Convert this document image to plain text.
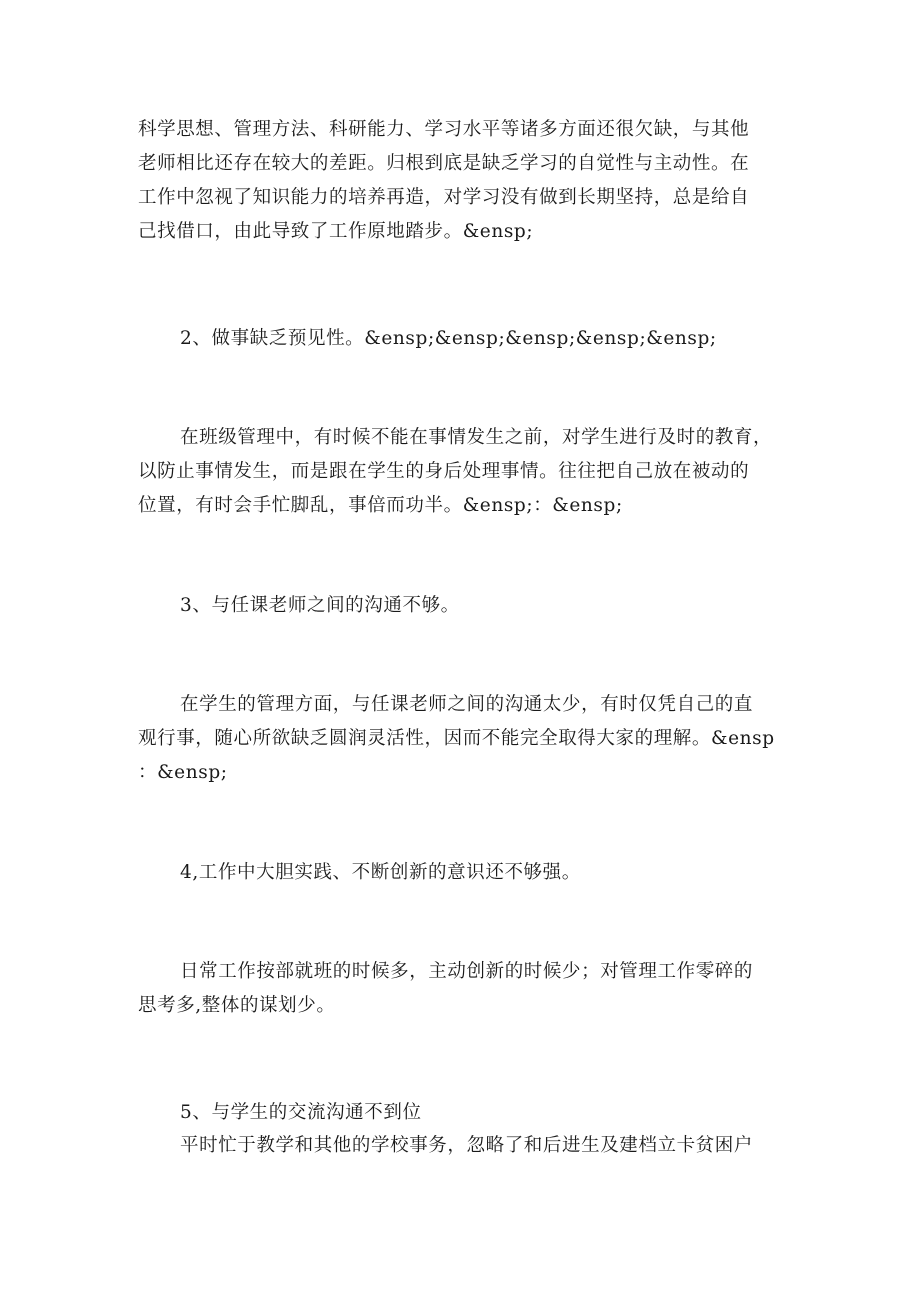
科学思想、管理方法、科研能力、学习水平等诸多方面还很欠缺，与其他
老师相比还存在较大的差距。归根到底是缺乏学习的自觉性与主动性。在
工作中忽视了知识能力的培养再造，对学习没有做到长期坚持，总是给自
己找借口，由此导致了工作原地踏步。&ensp;
2、做事缺乏预见性。&ensp;&ensp;&ensp;&ensp;&ensp;
在班级管理中，有时候不能在事情发生之前，对学生进行及时的教育，
以防止事情发生，而是跟在学生的身后处理事情。往往把自己放在被动的
位置，有时会手忙脚乱，事倍而功半。&ensp;：&ensp;
3、与任课老师之间的沟通不够。
在学生的管理方面，与任课老师之间的沟通太少，有时仅凭自己的直
观行事，随心所欲缺乏圆润灵活性，因而不能完全取得大家的理解。&ensp
：&ensp;
4,工作中大胆实践、不断创新的意识还不够强。
日常工作按部就班的时候多，主动创新的时候少；对管理工作零碎的
思考多,整体的谋划少。
5、与学生的交流沟通不到位
平时忙于教学和其他的学校事务，忽略了和后进生及建档立卡贫困户
